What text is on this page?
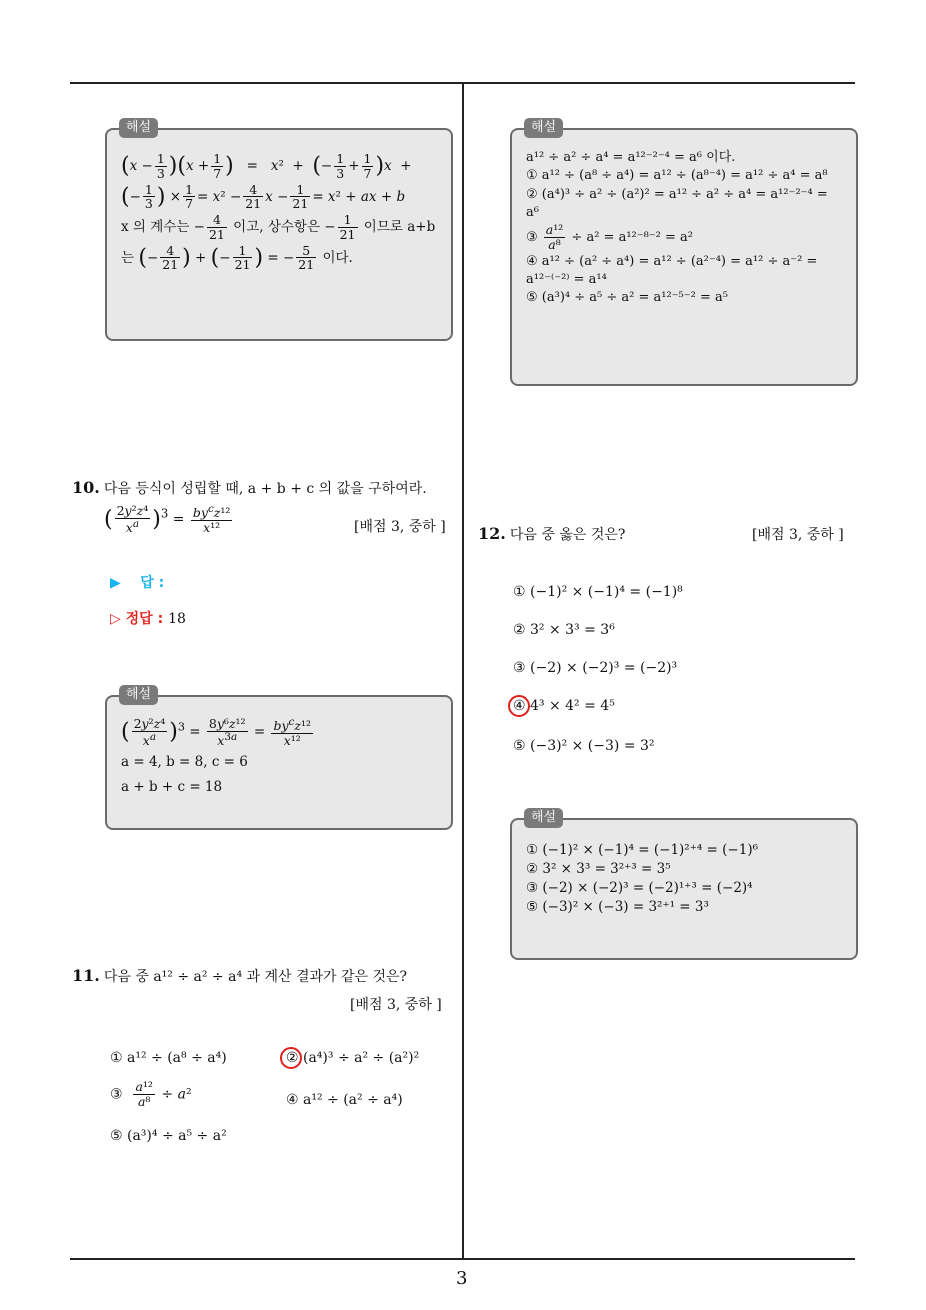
해설
$(x - \frac{1}{3} )(x + \frac{1}{7}$ )   =   x²  +  (− $\frac{1}{3} + \frac{1}{7} )x$  +
(− $\frac{1}{3}$ ) × $\frac{1}{7} = x^2 - \frac{4}{21}$ $x - \frac{1}{21} = x^2$ + ax + b
x 의 계수는 − $\frac{4}{21}$ 이고, 상수항은 − $\frac{1}{21}$ 이므로 a+b
는 (− $\frac{4}{21}$ ) + (− $\frac{1}{21}$ ) = − $\frac{5}{21}$ 이다.
10. 다음 등식이 성립할 때, a + b + c 의 값을 구하여라.
( $\frac{\text{2y²z⁴}}{x^a} )^3 = \frac{by^cz^{12}}{\text{x¹²}}$	[배점 3, 중하 ]
▶ 답 :
▷ 정답 : 18
해설
( $\frac{\text{2y²z⁴}}{x^a} )^3 = \frac{\text{8y⁶z¹²}}{x^{3a}} = \frac{by^cz^{12}}{\text{x¹²}}$
a = 4, b = 8, c = 6
a + b + c = 18
11. 다음 중 a¹² ÷ a² ÷ a⁴ 과 계산 결과가 같은 것은?
[배점 3, 중하 ]
① a¹² ÷ (a⁸ ÷ a⁴)	② (a⁴)³ ÷ a² ÷ (a²)²
③ $\frac{\text{a¹²}}{\text{a⁸}} \div a^2$	④ a¹² ÷ (a² ÷ a⁴)
⑤ (a³)⁴ ÷ a⁵ ÷ a²
해설
a¹² ÷ a² ÷ a⁴ = a¹²⁻²⁻⁴ = a⁶ 이다.
① a¹² ÷ (a⁸ ÷ a⁴) = a¹² ÷ (a⁸⁻⁴) = a¹² ÷ a⁴ = a⁸
② (a⁴)³ ÷ a² ÷ (a²)² = a¹² ÷ a² ÷ a⁴ = a¹²⁻²⁻⁴ =
a⁶
③ $\frac{\text{a¹²}}{\text{a⁸}} \div a^2 = a^{12-8-2} = a^2$
④ a¹² ÷ (a² ÷ a⁴) = a¹² ÷ (a²⁻⁴) = a¹² ÷ a⁻² =
a¹²⁻⁽⁻²⁾ = a¹⁴
⑤ (a³)⁴ ÷ a⁵ ÷ a² = a¹²⁻⁵⁻² = a⁵
12. 다음 중 옳은 것은?	[배점 3, 중하 ]
① (−1)² × (−1)⁴ = (−1)⁸
② 3² × 3³ = 3⁶
③ (−2) × (−2)³ = (−2)³
④ 4³ × 4² = 4⁵
⑤ (−3)² × (−3) = 3²
해설
① (−1)² × (−1)⁴ = (−1)²⁺⁴ = (−1)⁶
② 3² × 3³ = 3²⁺³ = 3⁵
③ (−2) × (−2)³ = (−2)¹⁺³ = (−2)⁴
⑤ (−3)² × (−3) = 3²⁺¹ = 3³
3
